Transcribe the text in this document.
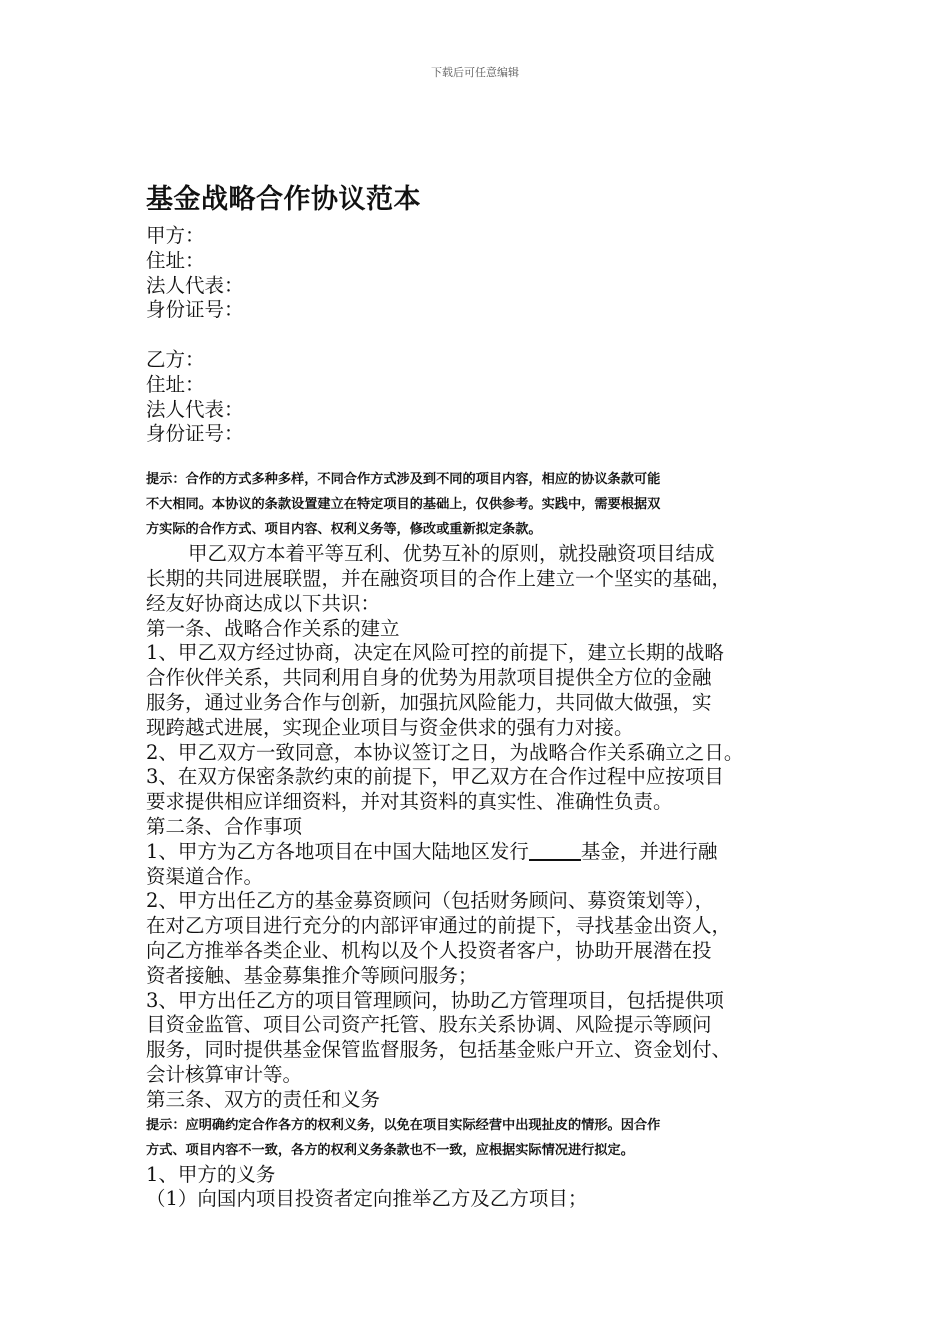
下载后可任意编辑
基金战略合作协议范本

甲方：

住址：

法人代表：

身份证号：

乙方：

住址：

法人代表：

身份证号：

提示：合作的方式多种多样，不同合作方式涉及到不同的项目内容，相应的协议条款可能

不大相同。本协议的条款设置建立在特定项目的基础上，仅供参考。实践中，需要根据双

方实际的合作方式、项目内容、权利义务等，修改或重新拟定条款。

甲乙双方本着平等互利、优势互补的原则，就投融资项目结成

长期的共同进展联盟，并在融资项目的合作上建立一个坚实的基础，

经友好协商达成以下共识：

第一条、战略合作关系的建立

1、甲乙双方经过协商，决定在风险可控的前提下，建立长期的战略

合作伙伴关系，共同利用自身的优势为用款项目提供全方位的金融

服务，通过业务合作与创新，加强抗风险能力，共同做大做强，实

现跨越式进展，实现企业项目与资金供求的强有力对接。

2、甲乙双方一致同意，本协议签订之日，为战略合作关系确立之日。

3、在双方保密条款约束的前提下，甲乙双方在合作过程中应按项目

要求提供相应详细资料，并对其资料的真实性、准确性负责。

第二条、合作事项

1、甲方为乙方各地项目在中国大陆地区发行	基金，并进行融

资渠道合作。

2、甲方出任乙方的基金募资顾问（包括财务顾问、募资策划等），

在对乙方项目进行充分的内部评审通过的前提下，寻找基金出资人，

向乙方推举各类企业、机构以及个人投资者客户，协助开展潜在投

资者接触、基金募集推介等顾问服务；

3、甲方出任乙方的项目管理顾问，协助乙方管理项目，包括提供项

目资金监管、项目公司资产托管、股东关系协调、风险提示等顾问

服务，同时提供基金保管监督服务，包括基金账户开立、资金划付、

会计核算审计等。

第三条、双方的责任和义务

提示：应明确约定合作各方的权利义务，以免在项目实际经营中出现扯皮的情形。因合作

方式、项目内容不一致，各方的权利义务条款也不一致，应根据实际情况进行拟定。

1、甲方的义务

（1）向国内项目投资者定向推举乙方及乙方项目；
